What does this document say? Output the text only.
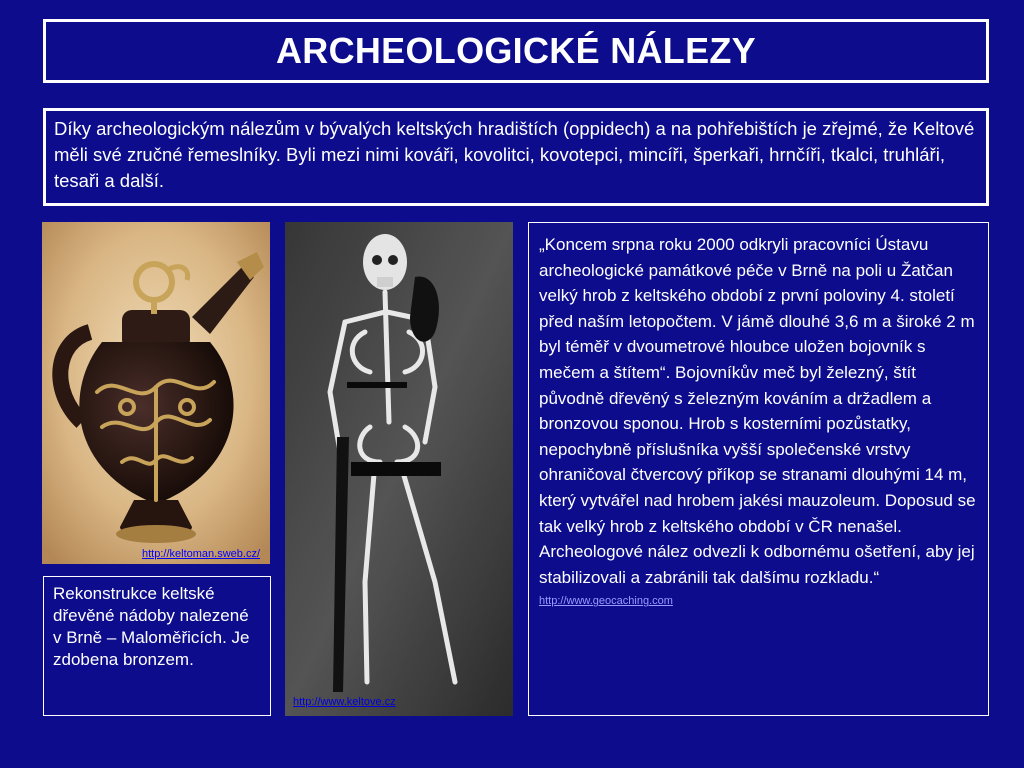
ARCHEOLOGICKÉ NÁLEZY
Díky archeologickým nálezům v bývalých keltských hradištích (oppidech) a na pohřebištích je zřejmé, že Keltové měli své zručné řemeslníky. Byli mezi nimi kováři, kovolitci, kovotepci, mincíři, šperkaři, hrnčíři, tkalci, truhláři, tesaři a další.
http://keltoman.sweb.cz/
http://www.keltove.cz
Rekonstrukce keltské dřevěné nádoby nalezené v Brně – Maloměřicích. Je zdobena bronzem.
„Koncem srpna roku 2000 odkryli pracovníci Ústavu archeologické památkové péče v Brně na poli u Žatčan velký hrob z keltského období z první poloviny 4. století před naším letopočtem. V jámě dlouhé 3,6 m a široké 2 m byl téměř v dvoumetrové hloubce uložen bojovník s mečem a štítem“. Bojovníkův meč byl železný, štít původně dřevěný s železným kováním a držadlem a bronzovou sponou. Hrob s kosterními pozůstatky, nepochybně příslušníka vyšší společenské vrstvy ohraničoval čtvercový příkop se stranami dlouhými 14 m, který vytvářel nad hrobem jakési mauzoleum. Doposud se tak velký hrob z keltského období v ČR nenašel. Archeologové nález odvezli k odbornému ošetření, aby jej stabilizovali a zabránili tak dalšímu rozkladu.“
http://www.geocaching.com
